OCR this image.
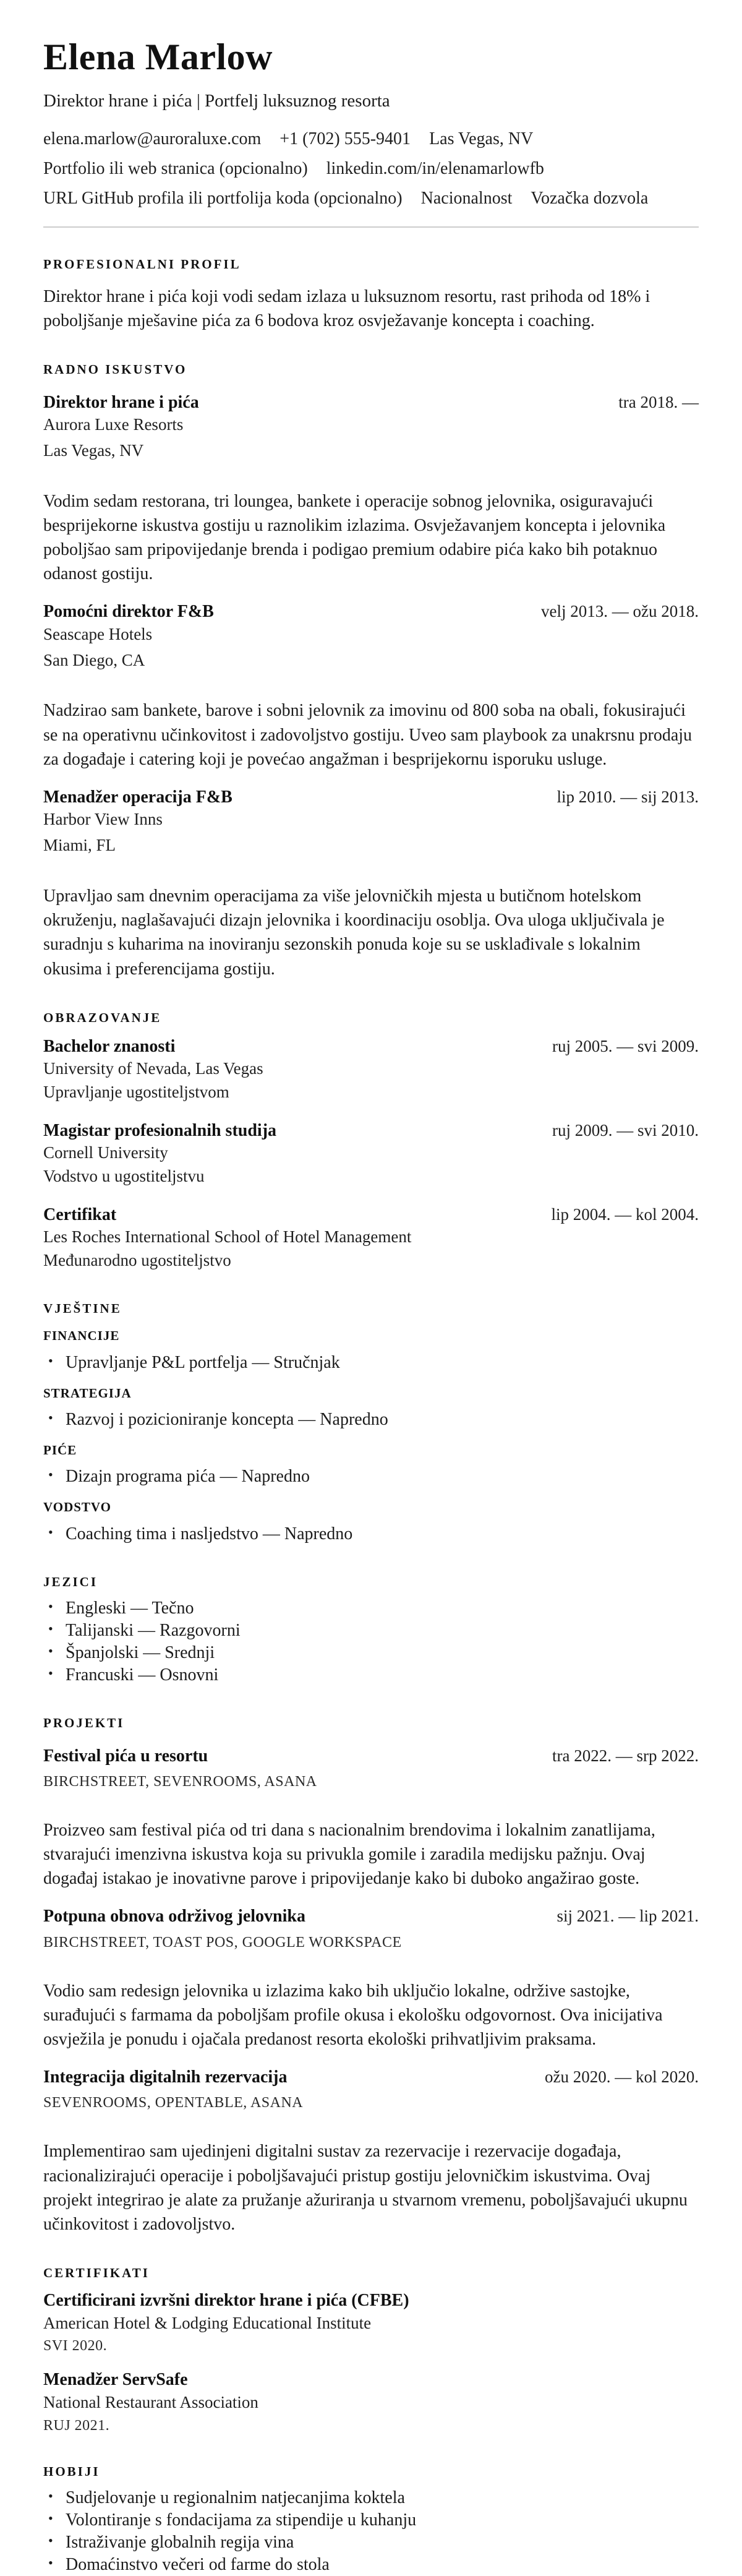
Elena Marlow
Direktor hrane i pića | Portfelj luksuznog resorta
elena.marlow@auroraluxe.com +1 (702) 555-9401 Las Vegas, NV
Portfolio ili web stranica (opcionalno) linkedin.com/in/elenamarlowfb
URL GitHub profila ili portfolija koda (opcionalno) Nacionalnost Vozačka dozvola
PROFESIONALNI PROFIL

Direktor hrane i pića koji vodi sedam izlaza u luksuznom resortu, rast prihoda od 18% i poboljšanje mješavine pića za 6 bodova kroz osvježavanje koncepta i coaching.

RADNO ISKUSTVO
Direktor hrane i pića	tra 2018. —
Aurora Luxe Resorts
Las Vegas, NV

Vodim sedam restorana, tri loungea, bankete i operacije sobnog jelovnika, osiguravajući besprijekorne iskustva gostiju u raznolikim izlazima. Osvježavanjem koncepta i jelovnika poboljšao sam pripovijedanje brenda i podigao premium odabire pića kako bih potaknuo odanost gostiju.

Pomoćni direktor F&B	velj 2013. — ožu 2018.
Seascape Hotels
San Diego, CA

Nadzirao sam bankete, barove i sobni jelovnik za imovinu od 800 soba na obali, fokusirajući se na operativnu učinkovitost i zadovoljstvo gostiju. Uveo sam playbook za unakrsnu prodaju za događaje i catering koji je povećao angažman i besprijekornu isporuku usluge.

Menadžer operacija F&B	lip 2010. — sij 2013.
Harbor View Inns
Miami, FL

Upravljao sam dnevnim operacijama za više jelovničkih mjesta u butičnom hotelskom okruženju, naglašavajući dizajn jelovnika i koordinaciju osoblja. Ova uloga uključivala je suradnju s kuharima na inoviranju sezonskih ponuda koje su se usklađivale s lokalnim okusima i preferencijama gostiju.

OBRAZOVANJE
Bachelor znanosti	ruj 2005. — svi 2009.
University of Nevada, Las Vegas
Upravljanje ugostiteljstvom
Magistar profesionalnih studija	ruj 2009. — svi 2010.
Cornell University
Vodstvo u ugostiteljstvu
Certifikat	lip 2004. — kol 2004.
Les Roches International School of Hotel Management
Međunarodno ugostiteljstvo
VJEŠTINE
FINANCIJE
• Upravljanje P&L portfelja — Stručnjak
STRATEGIJA
• Razvoj i pozicioniranje koncepta — Napredno
PIĆE
• Dizajn programa pića — Napredno
VODSTVO
• Coaching tima i nasljedstvo — Napredno
JEZICI
• Engleski — Tečno
• Talijanski — Razgovorni
• Španjolski — Srednji
• Francuski — Osnovni
PROJEKTI
Festival pića u resortu	tra 2022. — srp 2022.
BIRCHSTREET, SEVENROOMS, ASANA

Proizveo sam festival pića od tri dana s nacionalnim brendovima i lokalnim zanatlijama, stvarajući imenzivna iskustva koja su privukla gomile i zaradila medijsku pažnju. Ovaj događaj istakao je inovativne parove i pripovijedanje kako bi duboko angažirao goste.

Potpuna obnova održivog jelovnika	sij 2021. — lip 2021.
BIRCHSTREET, TOAST POS, GOOGLE WORKSPACE

Vodio sam redesign jelovnika u izlazima kako bih uključio lokalne, održive sastojke, surađujući s farmama da poboljšam profile okusa i ekološku odgovornost. Ova inicijativa osvježila je ponudu i ojačala predanost resorta ekološki prihvatljivim praksama.

Integracija digitalnih rezervacija	ožu 2020. — kol 2020.
SEVENROOMS, OPENTABLE, ASANA

Implementirao sam ujedinjeni digitalni sustav za rezervacije i rezervacije događaja, racionalizirajući operacije i poboljšavajući pristup gostiju jelovničkim iskustvima. Ovaj projekt integrirao je alate za pružanje ažuriranja u stvarnom vremenu, poboljšavajući ukupnu učinkovitost i zadovoljstvo.

CERTIFIKATI
Certificirani izvršni direktor hrane i pića (CFBE)
American Hotel & Lodging Educational Institute
SVI 2020.
Menadžer ServSafe
National Restaurant Association
RUJ 2021.
HOBIJI
• Sudjelovanje u regionalnim natjecanjima koktela
• Volontiranje s fondacijama za stipendije u kuhanju
• Istraživanje globalnih regija vina
• Domaćinstvo večeri od farme do stola
